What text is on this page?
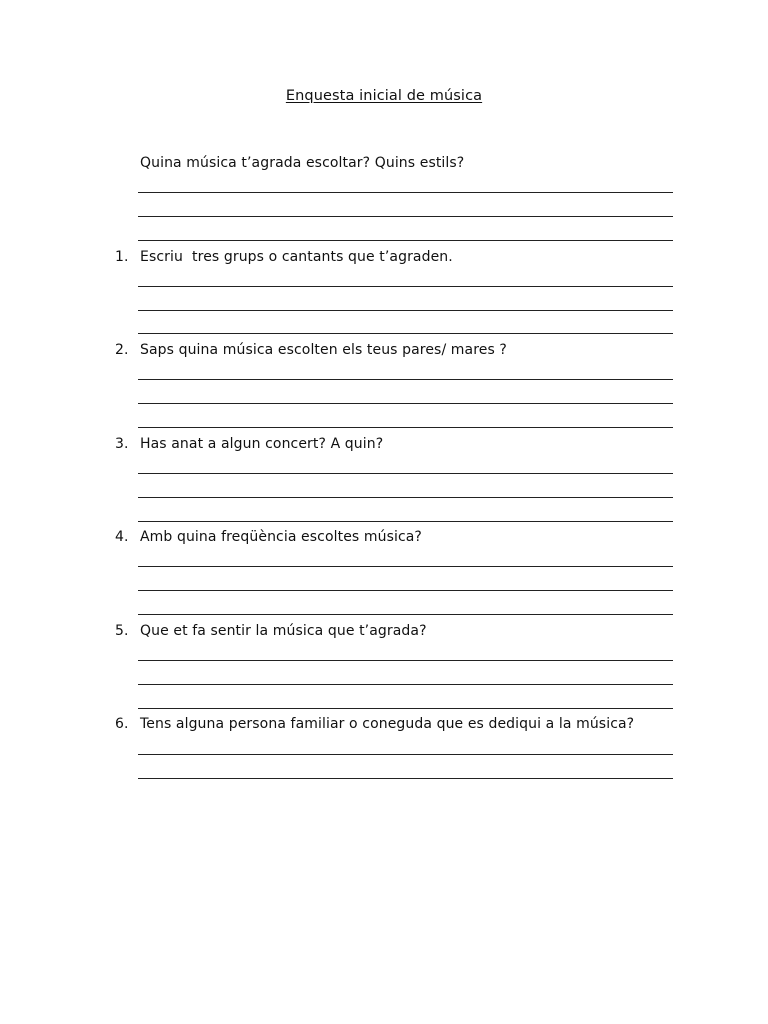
Enquesta inicial de música
Quina música t’agrada escoltar? Quins estils?
1. Escriu  tres grups o cantants que t’agraden.
2. Saps quina música escolten els teus pares/ mares ?
3. Has anat a algun concert? A quin?
4. Amb quina freqüència escoltes música?
5. Que et fa sentir la música que t’agrada?
6. Tens alguna persona familiar o coneguda que es dediqui a la música?
